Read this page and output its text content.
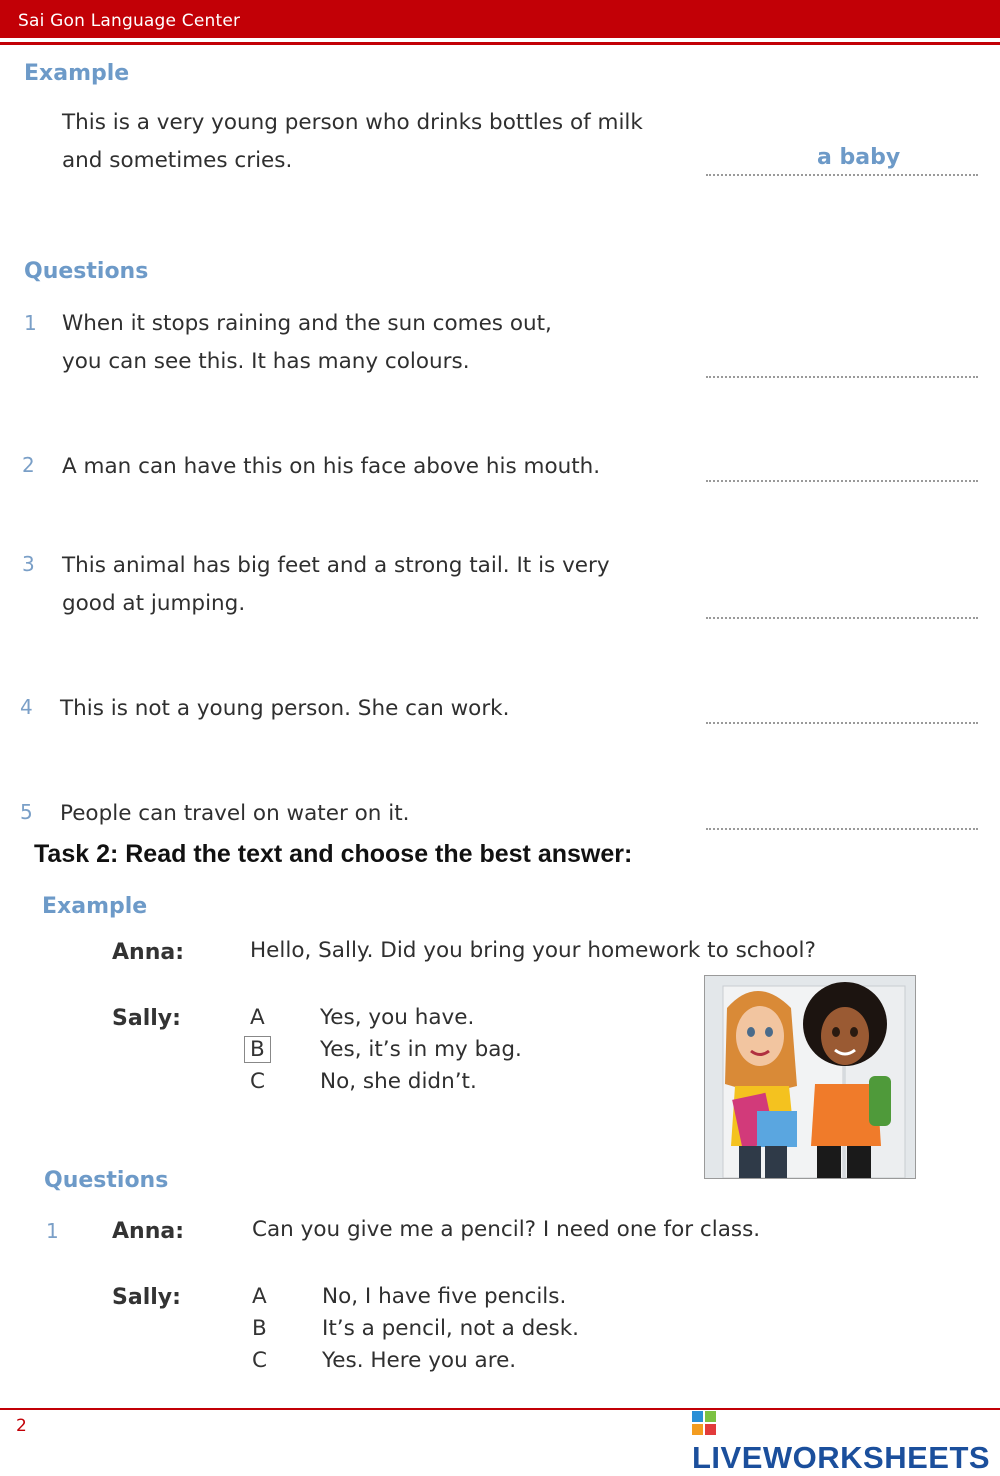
Sai Gon Language Center
Example
This is a very young person who drinks bottles of milk
and sometimes cries.	a baby
Questions
1 When it stops raining and the sun comes out,
you can see this. It has many colours.
2 A man can have this on his face above his mouth.
3 This animal has big feet and a strong tail. It is very
good at jumping.
4 This is not a young person. She can work.
5 People can travel on water on it.
Task 2: Read the text and choose the best answer:
Example
Anna:	Hello, Sally. Did you bring your homework to school?
Sally:	A	Yes, you have.
B	Yes, it’s in my bag.
C	No, she didn’t.
Questions
1 Anna:	Can you give me a pencil? I need one for class.
Sally:	A	No, I have five pencils.
B	It’s a pencil, not a desk.
C	Yes. Here you are.
2
LIVEWORKSHEETS
